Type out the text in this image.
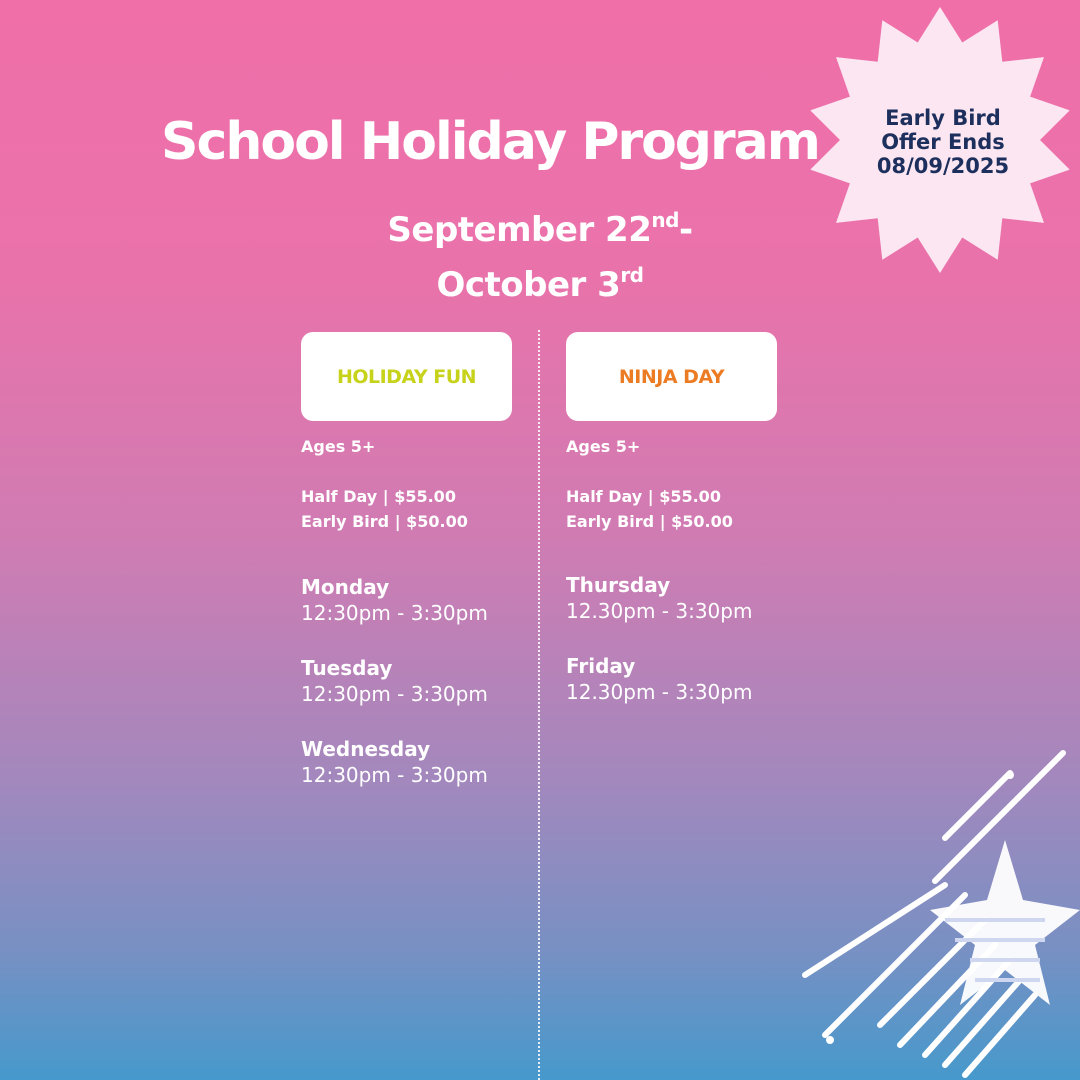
School Holiday Program
September 22nd-
October 3rd
Early Bird
Offer Ends
08/09/2025
HOLIDAY FUN
Ages 5+
Half Day | $55.00
Early Bird | $50.00
Monday
12:30pm - 3:30pm
Tuesday
12:30pm - 3:30pm
Wednesday
12:30pm - 3:30pm
NINJA DAY
Ages 5+
Half Day | $55.00
Early Bird | $50.00
Thursday
12.30pm - 3:30pm
Friday
12.30pm - 3:30pm
